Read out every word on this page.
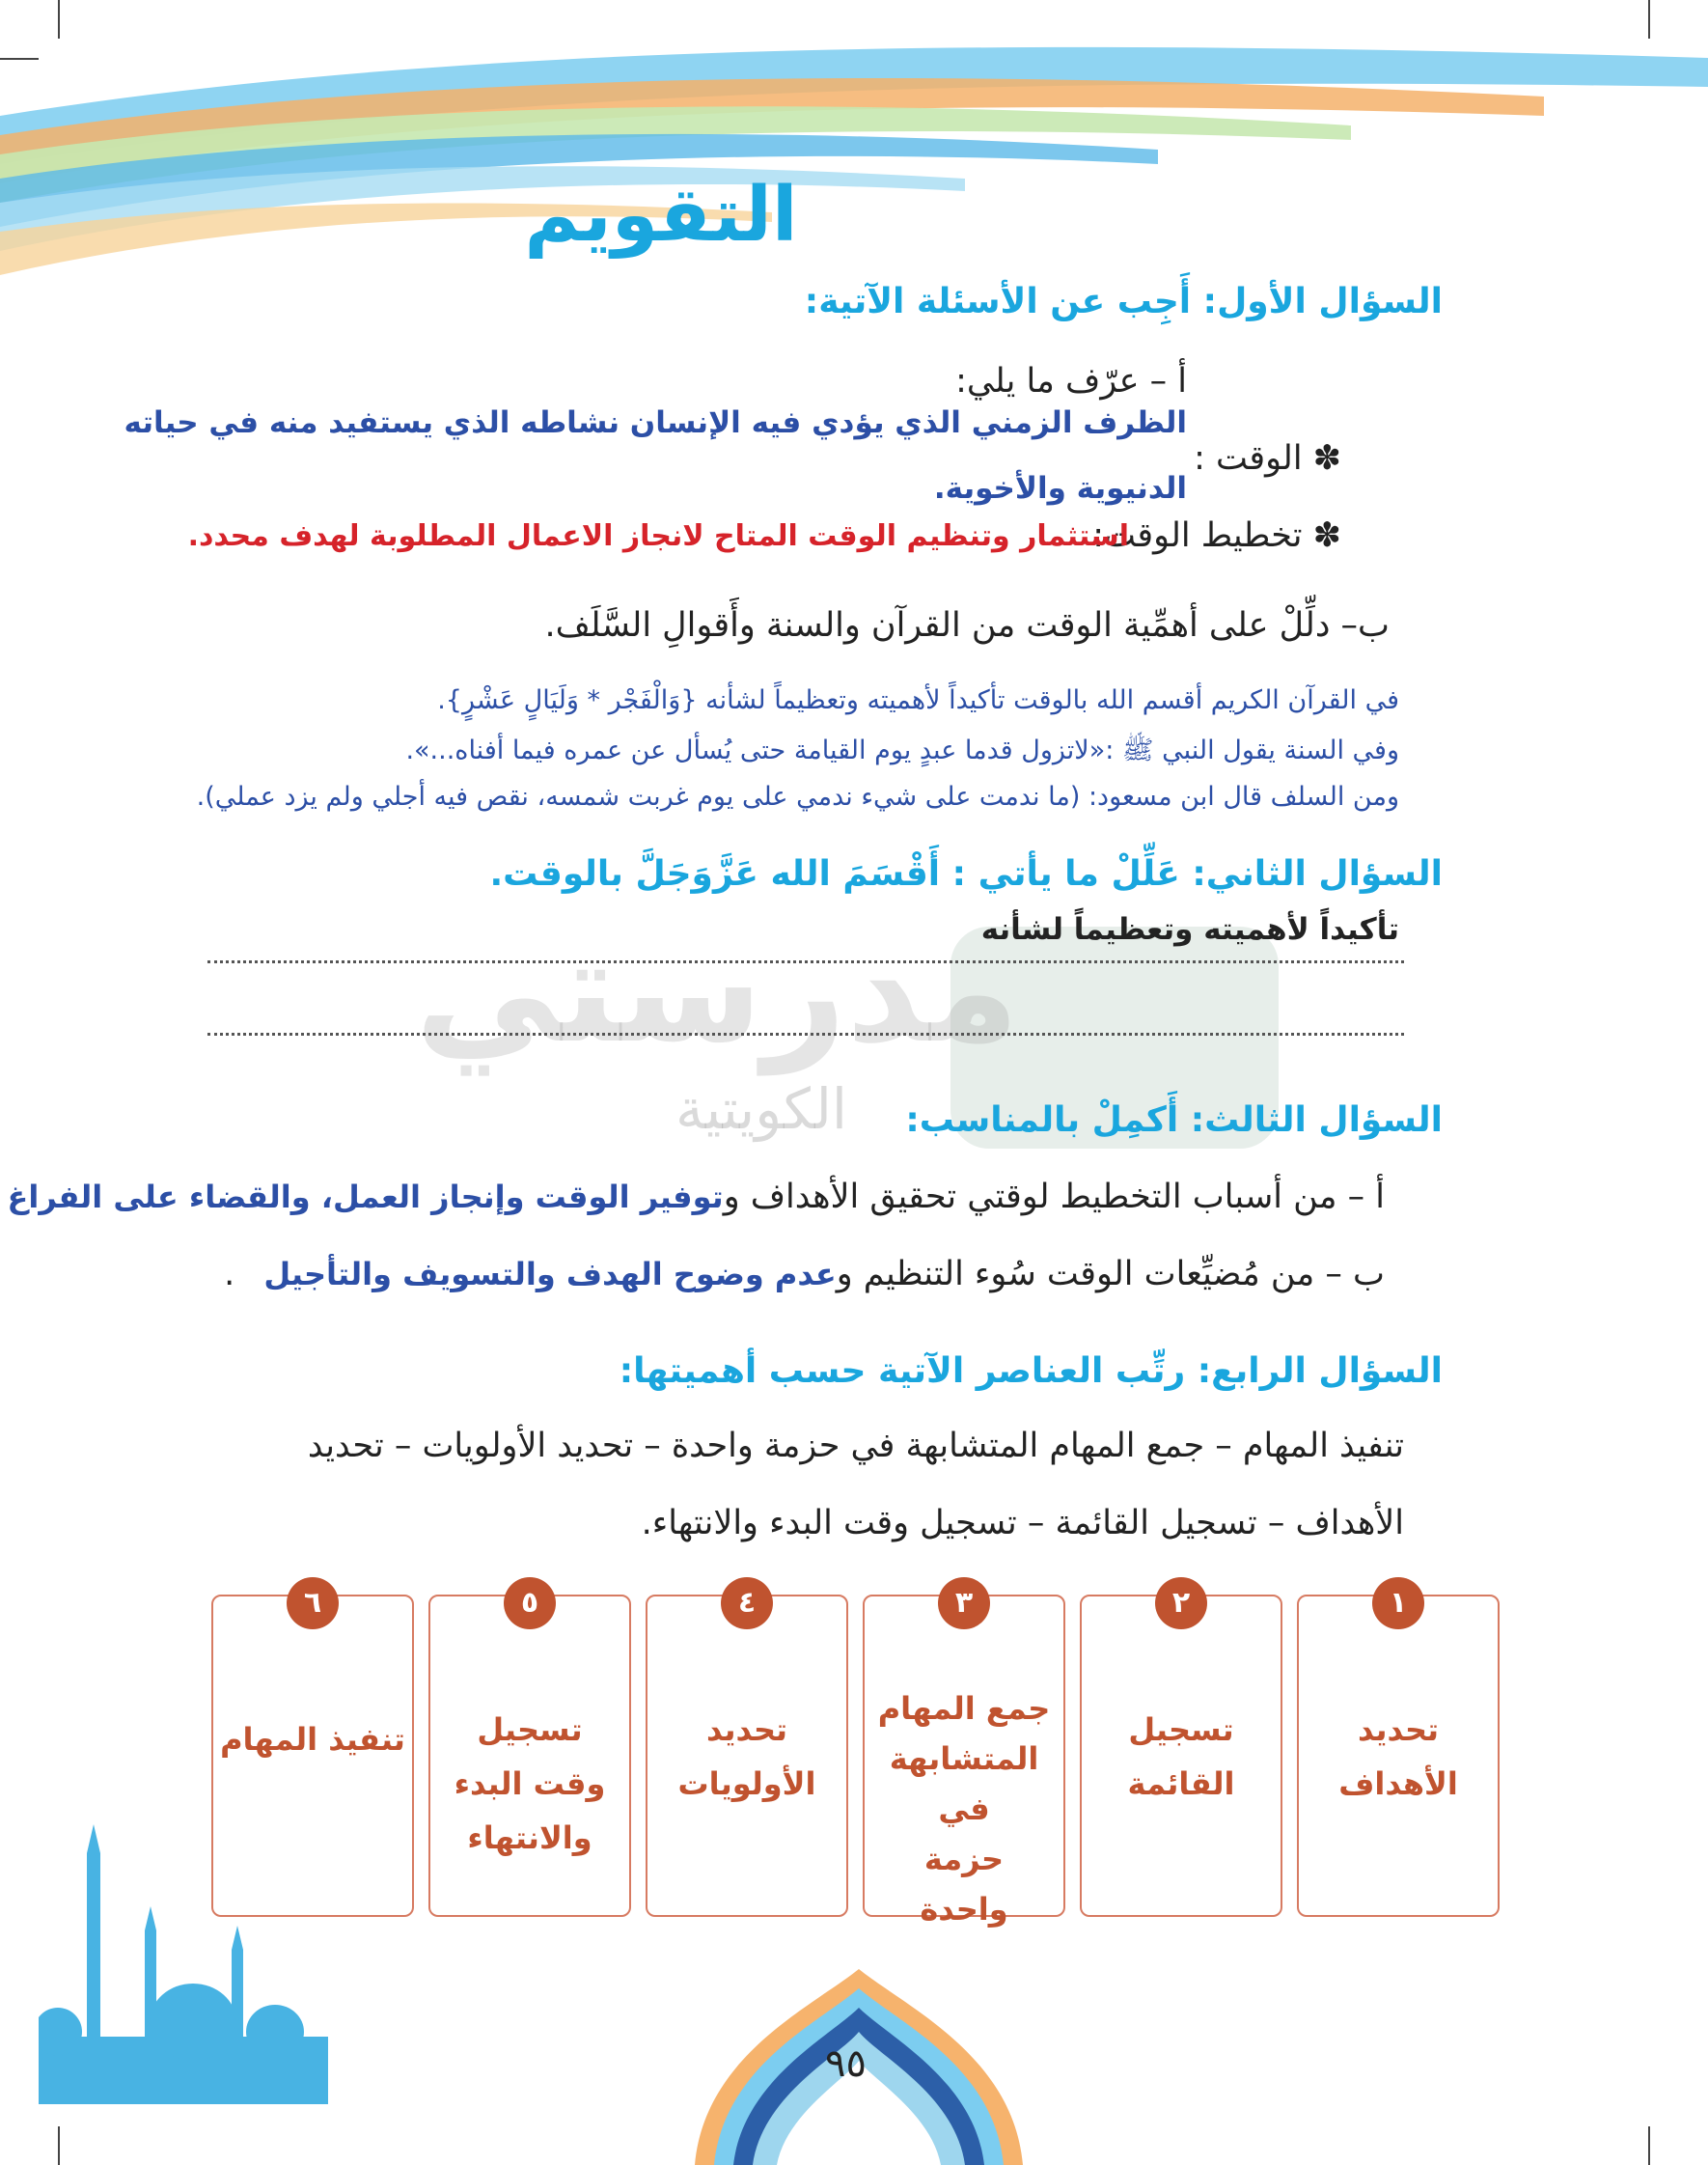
التقويم
مدرستي
الكويتية
السؤال الأول: أَجِب عن الأسئلة الآتية:
أ – عرّف ما يلي:
✽ الوقت :
الظرف الزمني الذي يؤدي فيه الإنسان نشاطه الذي يستفيد منه في حياته
الدنيوية والأخوية.
✽ تخطيط الوقت:
استثمار وتنظيم الوقت المتاح لانجاز الاعمال المطلوبة لهدف محدد.
ب– دلِّلْ على أهمِّية الوقت من القرآن والسنة وأَقوالِ السَّلَف.
في القرآن الكريم أقسم الله بالوقت تأكيداً لأهميته وتعظيماً لشأنه {وَالْفَجْر * وَلَيَالٍ عَشْرٍ}.
وفي السنة يقول النبي ﷺ :«لاتزول قدما عبدٍ يوم القيامة حتى يُسأل عن عمره فيما أفناه...».
ومن السلف قال ابن مسعود: (ما ندمت على شيء ندمي على يوم غربت شمسه، نقص فيه أجلي ولم يزد عملي).
السؤال الثاني: عَلِّلْ ما يأتي : أَقْسَمَ الله عَزَّوَجَلَّ بالوقت.
تأكيداً لأهميته وتعظيماً لشأنه
السؤال الثالث: أَكمِلْ بالمناسب:
أ – من أسباب التخطيط لوقتي تحقيق الأهداف وتوفير الوقت وإنجاز العمل، والقضاء على الفراغ
ب – من مُضيِّعات الوقت سُوء التنظيم وعدم وضوح الهدف والتسويف والتأجيل.
السؤال الرابع: رتِّب العناصر الآتية حسب أهميتها:
تنفيذ المهام – جمع المهام المتشابهة في حزمة واحدة – تحديد الأولويات – تحديد
الأهداف – تسجيل القائمة – تسجيل وقت البدء والانتهاء.
١
تحديد
الأهداف
٢
تسجيل
القائمة
٣
جمع المهام
المتشابهة في
حزمة
واحدة
٤
تحديد
الأولويات
٥
تسجيل
وقت البدء
والانتهاء
٦
تنفيذ المهام
٩٥
